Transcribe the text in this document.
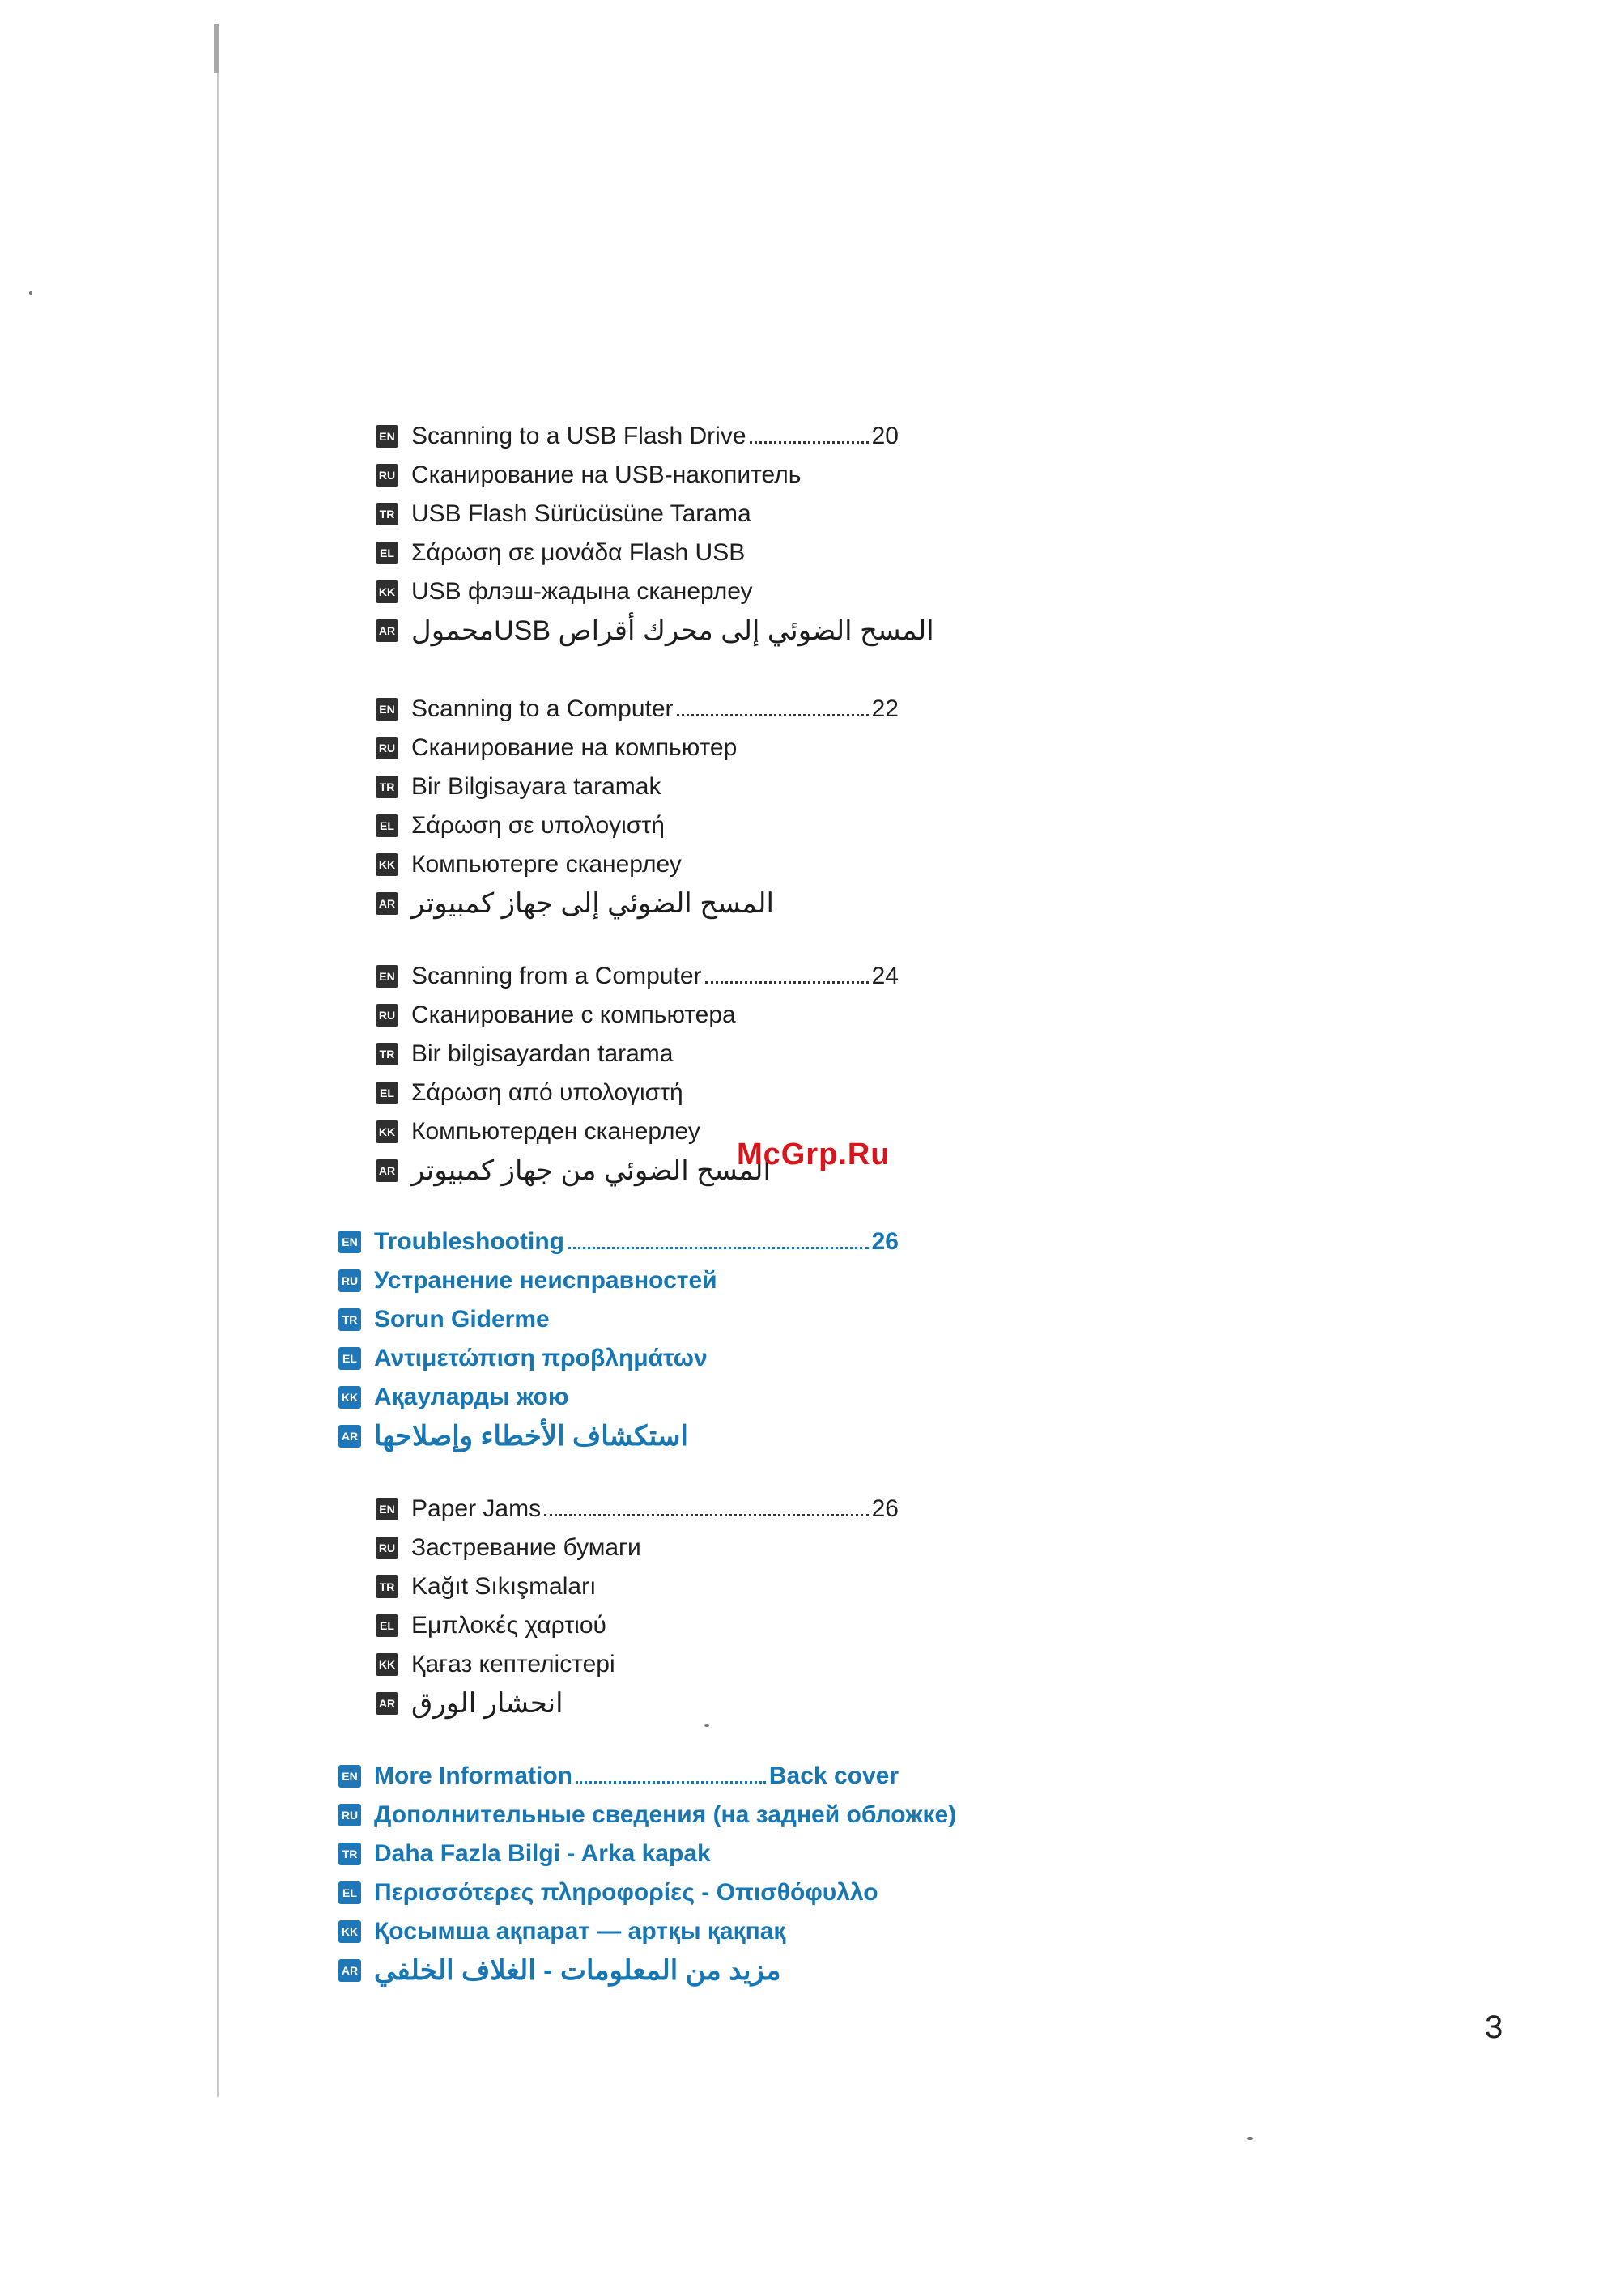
EN Scanning to a USB Flash Drive	20
RU Сканирование на USB-накопитель
TR USB Flash Sürücüsüne Tarama
EL Σάρωση σε μονάδα Flash USB
KK USB флэш-жадына сканерлеу
AR المسح الضوئي إلى محرك أقراص USBمحمول
EN Scanning to a Computer	22
RU Сканирование на компьютер
TR Bir Bilgisayara taramak
EL Σάρωση σε υπολογιστή
KK Компьютерге сканерлеу
AR المسح الضوئي إلى جهاز كمبيوتر
EN Scanning from a Computer	24
RU Сканирование с компьютера
TR Bir bilgisayardan tarama
EL Σάρωση από υπολογιστή
KK Компьютерден сканерлеу
AR المسح الضوئي من جهاز كمبيوتر
EN Troubleshooting	26
RU Устранение неисправностей
TR Sorun Giderme
EL Αντιμετώπιση προβλημάτων
KK Ақауларды жою
AR استكشاف الأخطاء وإصلاحها
EN Paper Jams	26
RU Застревание бумаги
TR Kağıt Sıkışmaları
EL Εμπλοκές χαρτιού
KK Қағаз кептелістері
AR انحشار الورق
EN More Information	Back cover
RU Дополнительные сведения (на задней обложке)
TR Daha Fazla Bilgi - Arka kapak
EL Περισσότερες πληροφορίες - Οπισθόφυλλο
KK Қосымша ақпарат — артқы қақпақ
AR مزيد من المعلومات - الغلاف الخلفي
McGrp.Ru
3
